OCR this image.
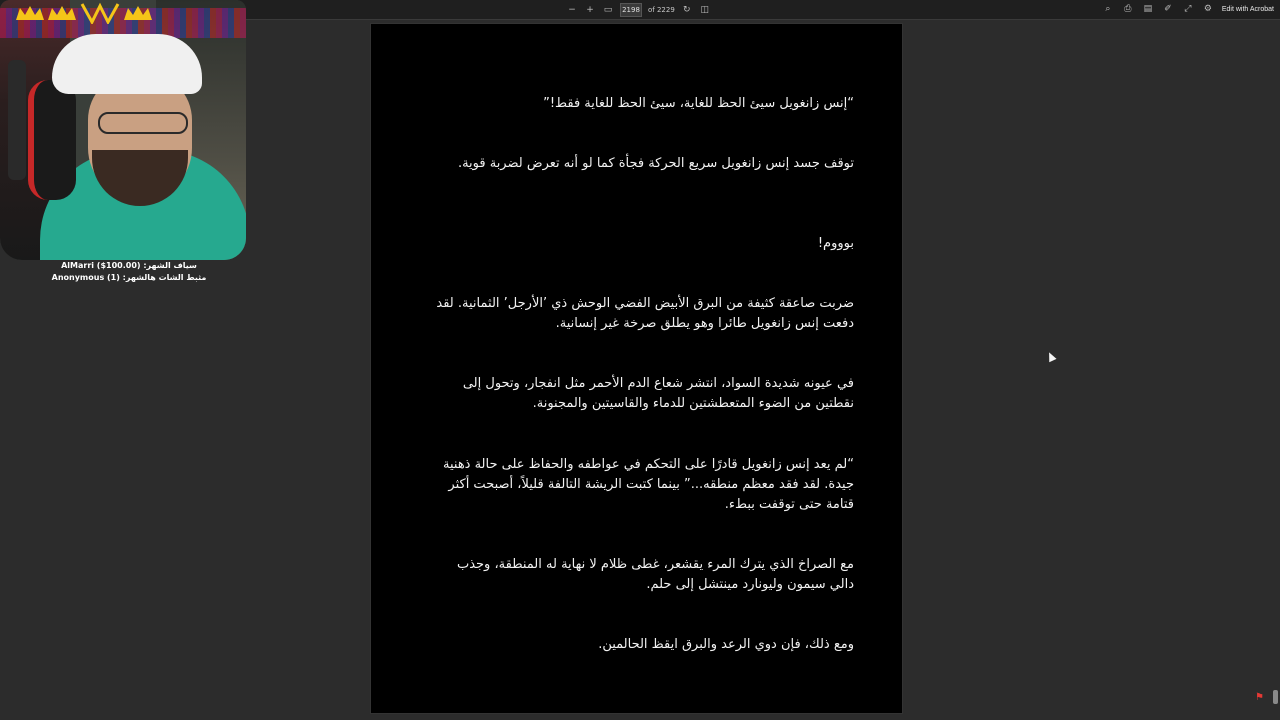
− + ▭ 2198 of 2229 ↻ ◫	⌕	⎙ ▤ ✐ ⤢ ⚙ Edit with Acrobat
“إنس زانغويل سيئ الحظ للغاية، سيئ الحظ للغاية فقط!”
توقف جسد إنس زانغويل سريع الحركة فجأة كما لو أنه تعرض لضربة قوية.
بوووم!
ضربت صاعقة كثيفة من البرق الأبيض الفضي الوحش ذي ’الأرجل’ الثمانية. لقد دفعت إنس زانغويل طائرا وهو يطلق صرخة غير إنسانية.
في عيونه شديدة السواد، انتشر شعاع الدم الأحمر مثل انفجار، وتحول إلى نقطتين من الضوء المتعطشتين للدماء والقاسيتين والمجنونة.
“لم يعد إنس زانغويل قادرًا على التحكم في عواطفه والحفاظ على حالة ذهنية جيدة. لقد فقد معظم منطقه...” بينما كتبت الريشة التالفة قليلاً، أصبحت أكثر قتامة حتى توقفت ببطء.
مع الصراخ الذي يترك المرء يقشعر، غطى ظلام لا نهاية له المنطقة، وجذب دالي سيمون وليونارد مينتشل إلى حلم.
ومع ذلك، فإن دوي الرعد والبرق ايقظ الحالمين.
AlMarri ($100.00) :سياف الشهر
Anonymous (1) :مثبط الشات هالشهر
⚑
